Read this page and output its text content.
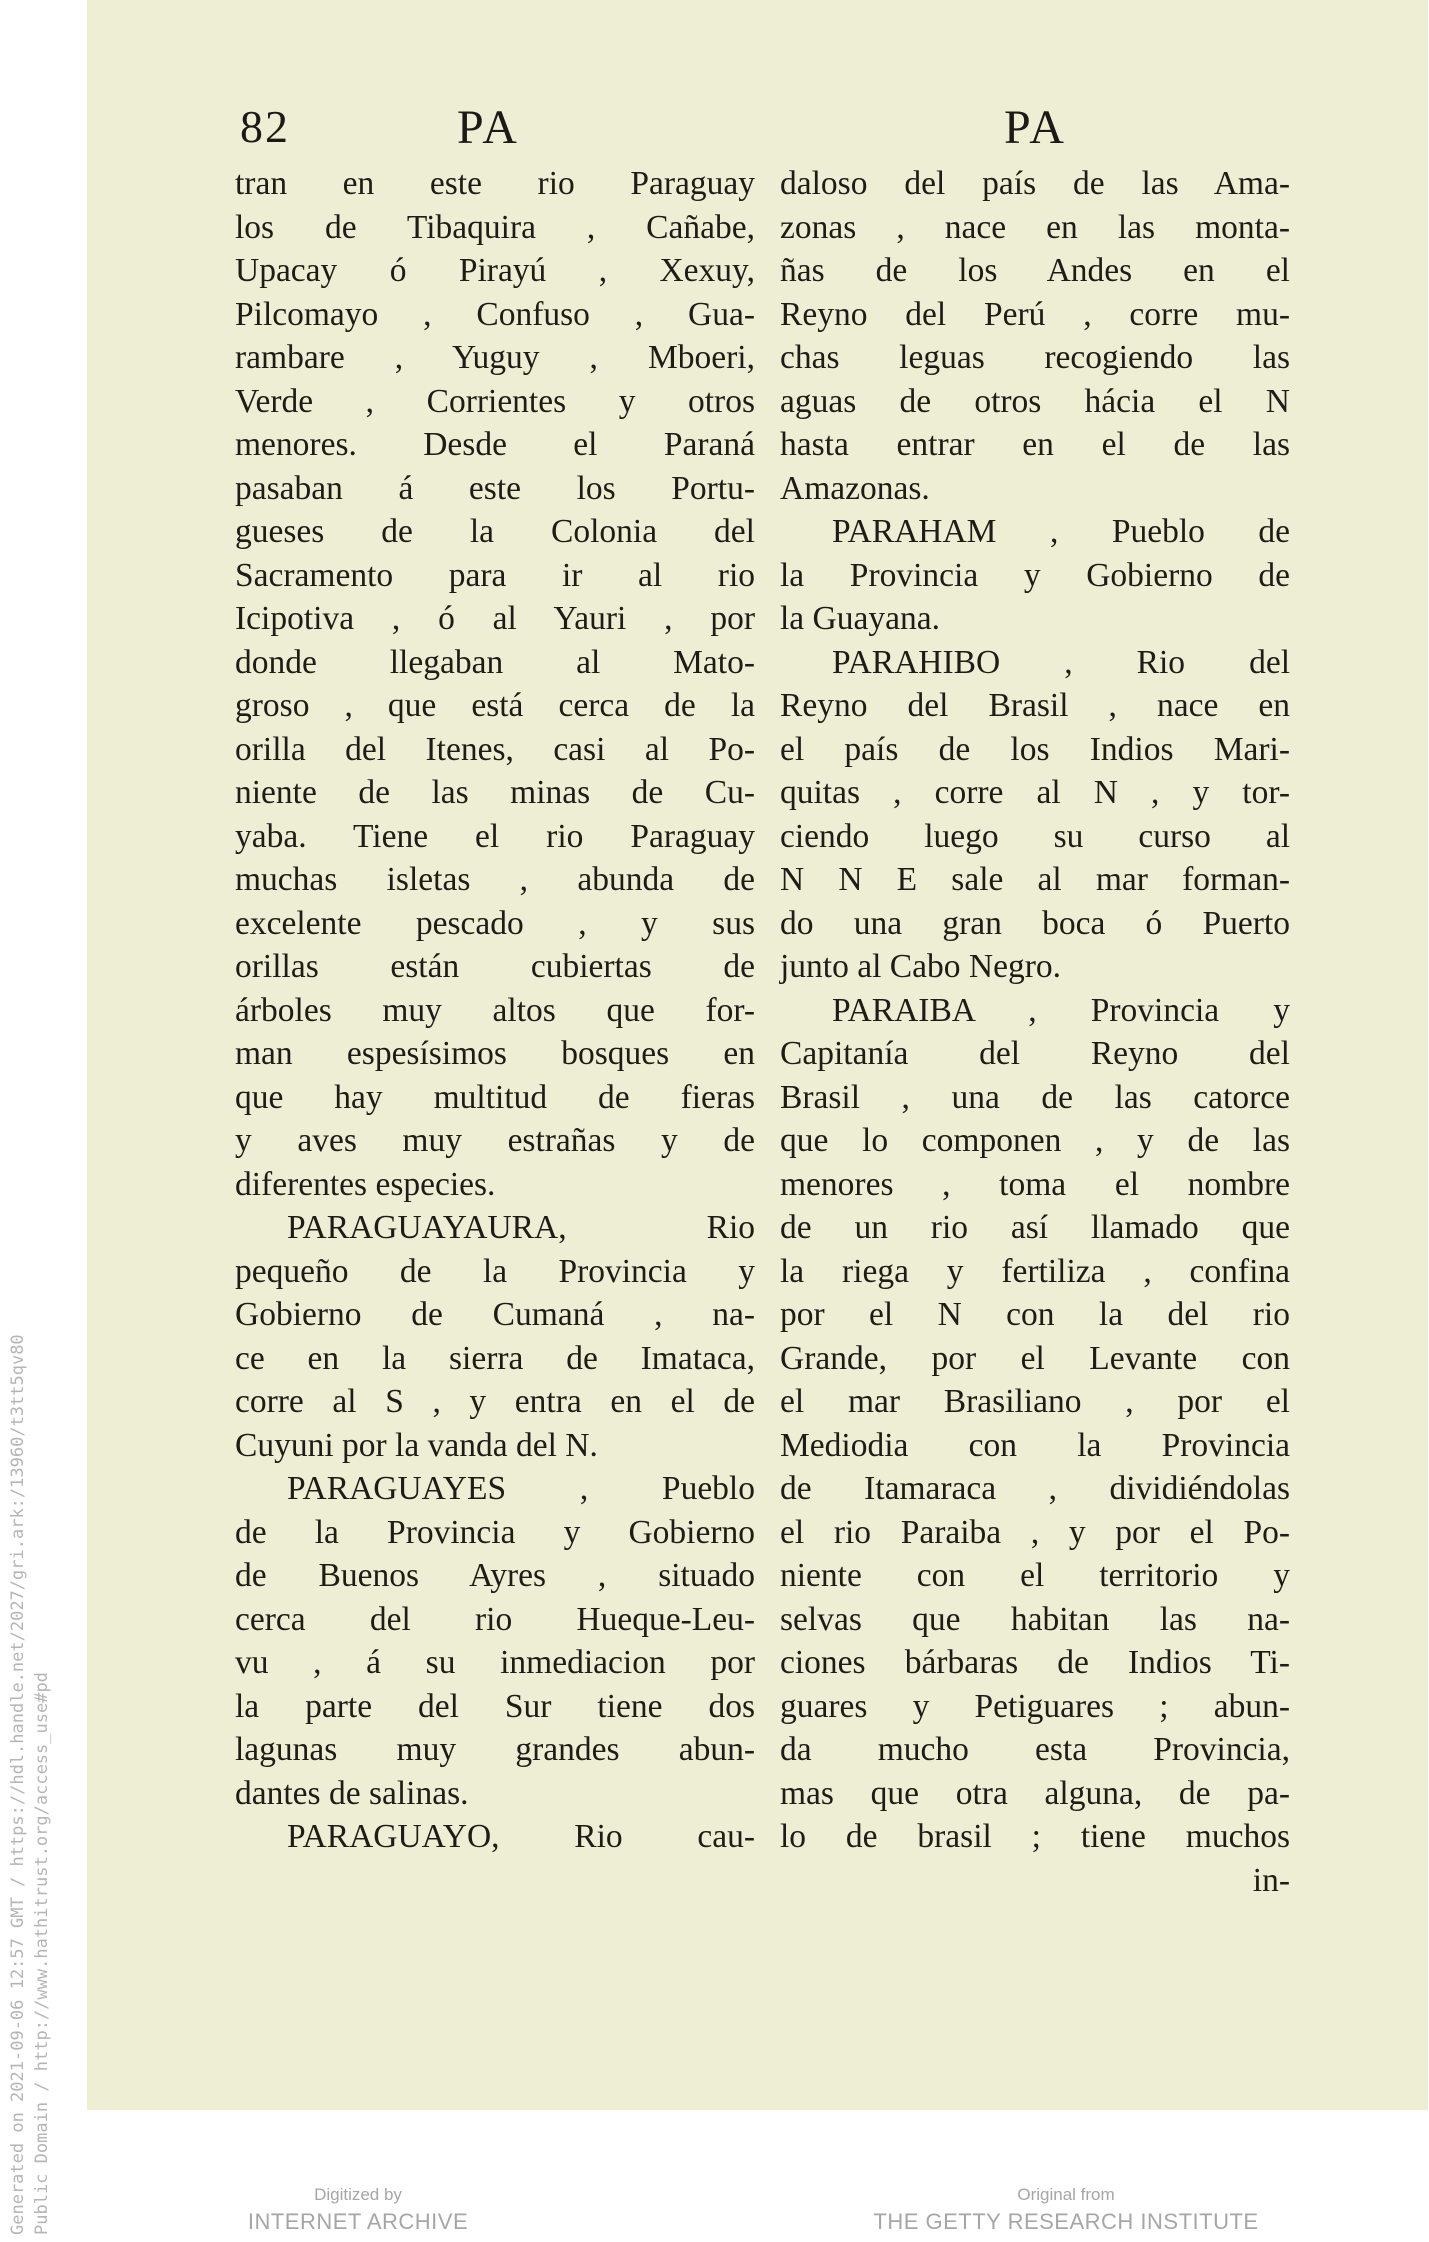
82	PA	PA
tran en este rio Paraguay
los de Tibaquira , Cañabe,
Upacay ó Pirayú , Xexuy,
Pilcomayo , Confuso , Gua-
rambare , Yuguy , Mboeri,
Verde , Corrientes y otros
menores. Desde el Paraná
pasaban á este los Portu-
gueses de la Colonia del
Sacramento para ir al rio
Icipotiva , ó al Yauri , por
donde llegaban al Mato-
groso , que está cerca de la
orilla del Itenes, casi al Po-
niente de las minas de Cu-
yaba. Tiene el rio Paraguay
muchas isletas , abunda de
excelente pescado , y sus
orillas están cubiertas de
árboles muy altos que for-
man espesísimos bosques en
que hay multitud de fieras
y aves muy estrañas y de
diferentes especies.
PARAGUAYAURA, Rio
pequeño de la Provincia y
Gobierno de Cumaná , na-
ce en la sierra de Imataca,
corre al S , y entra en el de
Cuyuni por la vanda del N.
PARAGUAYES , Pueblo
de la Provincia y Gobierno
de Buenos Ayres , situado
cerca del rio Hueque-Leu-
vu , á su inmediacion por
la parte del Sur tiene dos
lagunas muy grandes abun-
dantes de salinas.
PARAGUAYO, Rio cau-
daloso del país de las Ama-
zonas , nace en las monta-
ñas de los Andes en el
Reyno del Perú , corre mu-
chas leguas recogiendo las
aguas de otros hácia el N
hasta entrar en el de las
Amazonas.
PARAHAM , Pueblo de
la Provincia y Gobierno de
la Guayana.
PARAHIBO , Rio del
Reyno del Brasil , nace en
el país de los Indios Mari-
quitas , corre al N , y tor-
ciendo luego su curso al
N N E sale al mar forman-
do una gran boca ó Puerto
junto al Cabo Negro.
PARAIBA , Provincia y
Capitanía del Reyno del
Brasil , una de las catorce
que lo componen , y de las
menores , toma el nombre
de un rio así llamado que
la riega y fertiliza , confina
por el N con la del rio
Grande, por el Levante con
el mar Brasiliano , por el
Mediodia con la Provincia
de Itamaraca , dividiéndolas
el rio Paraiba , y por el Po-
niente con el territorio y
selvas que habitan las na-
ciones bárbaras de Indios Ti-
guares y Petiguares ; abun-
da mucho esta Provincia,
mas que otra alguna, de pa-
lo de brasil ; tiene muchos
in-
Generated on 2021-09-06 12:57 GMT / https://hdl.handle.net/2027/gri.ark:/13960/t3tt5qv80 Public Domain / http://www.hathitrust.org/access_use#pd	Digitized by
INTERNET ARCHIVE
Original from
THE GETTY RESEARCH INSTITUTE
